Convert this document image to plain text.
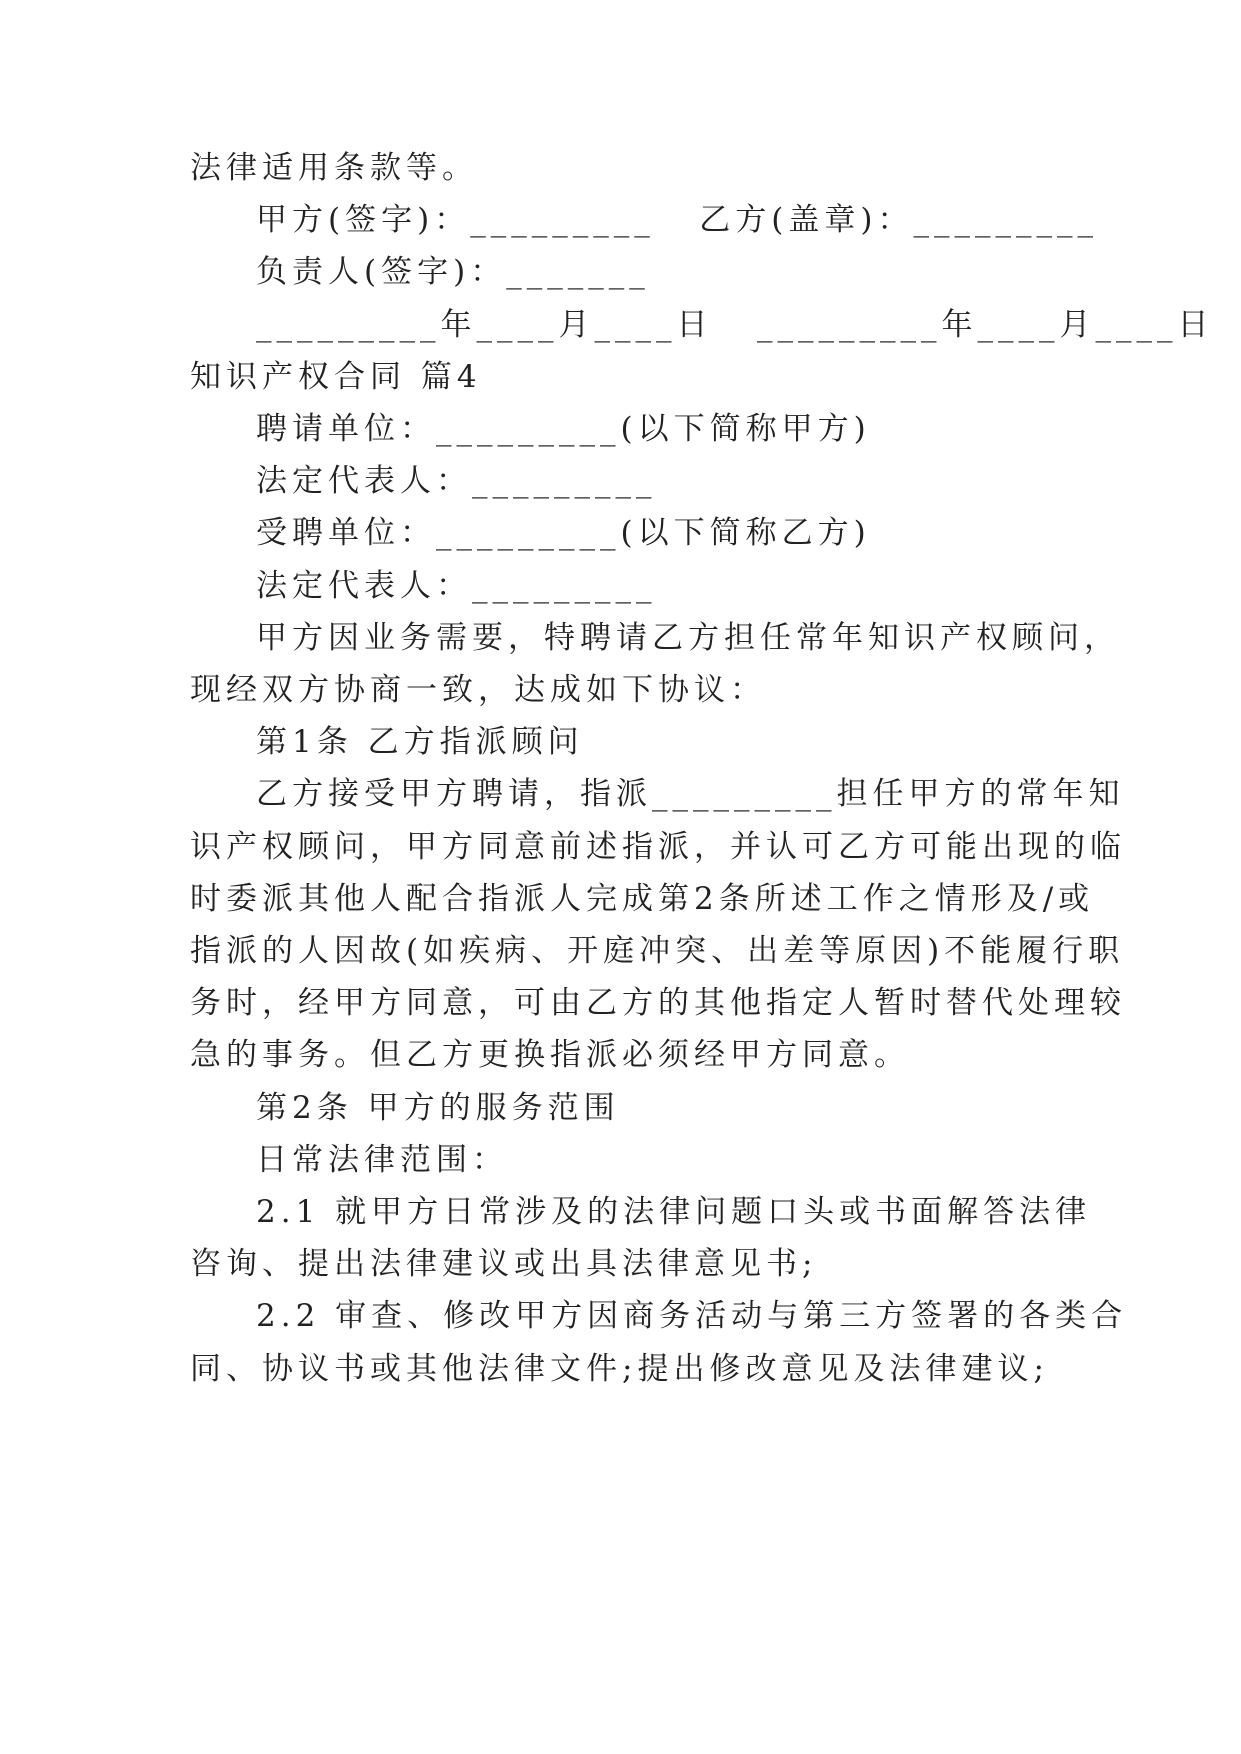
法律适用条款等。
甲方(签字)：_________   乙方(盖章)：_________
负责人(签字)：_______
_________年____月____日   _________年____月____日
知识产权合同 篇4
聘请单位：_________(以下简称甲方)
法定代表人：_________
受聘单位：_________(以下简称乙方)
法定代表人：_________
甲方因业务需要，特聘请乙方担任常年知识产权顾问，
现经双方协商一致，达成如下协议：
第1条 乙方指派顾问
乙方接受甲方聘请，指派_________担任甲方的常年知
识产权顾问，甲方同意前述指派，并认可乙方可能出现的临
时委派其他人配合指派人完成第2条所述工作之情形及/或
指派的人因故(如疾病、开庭冲突、出差等原因)不能履行职
务时，经甲方同意，可由乙方的其他指定人暂时替代处理较
急的事务。但乙方更换指派必须经甲方同意。
第2条 甲方的服务范围
日常法律范围：
2.1 就甲方日常涉及的法律问题口头或书面解答法律
咨询、提出法律建议或出具法律意见书;
2.2 审查、修改甲方因商务活动与第三方签署的各类合
同、协议书或其他法律文件;提出修改意见及法律建议;
